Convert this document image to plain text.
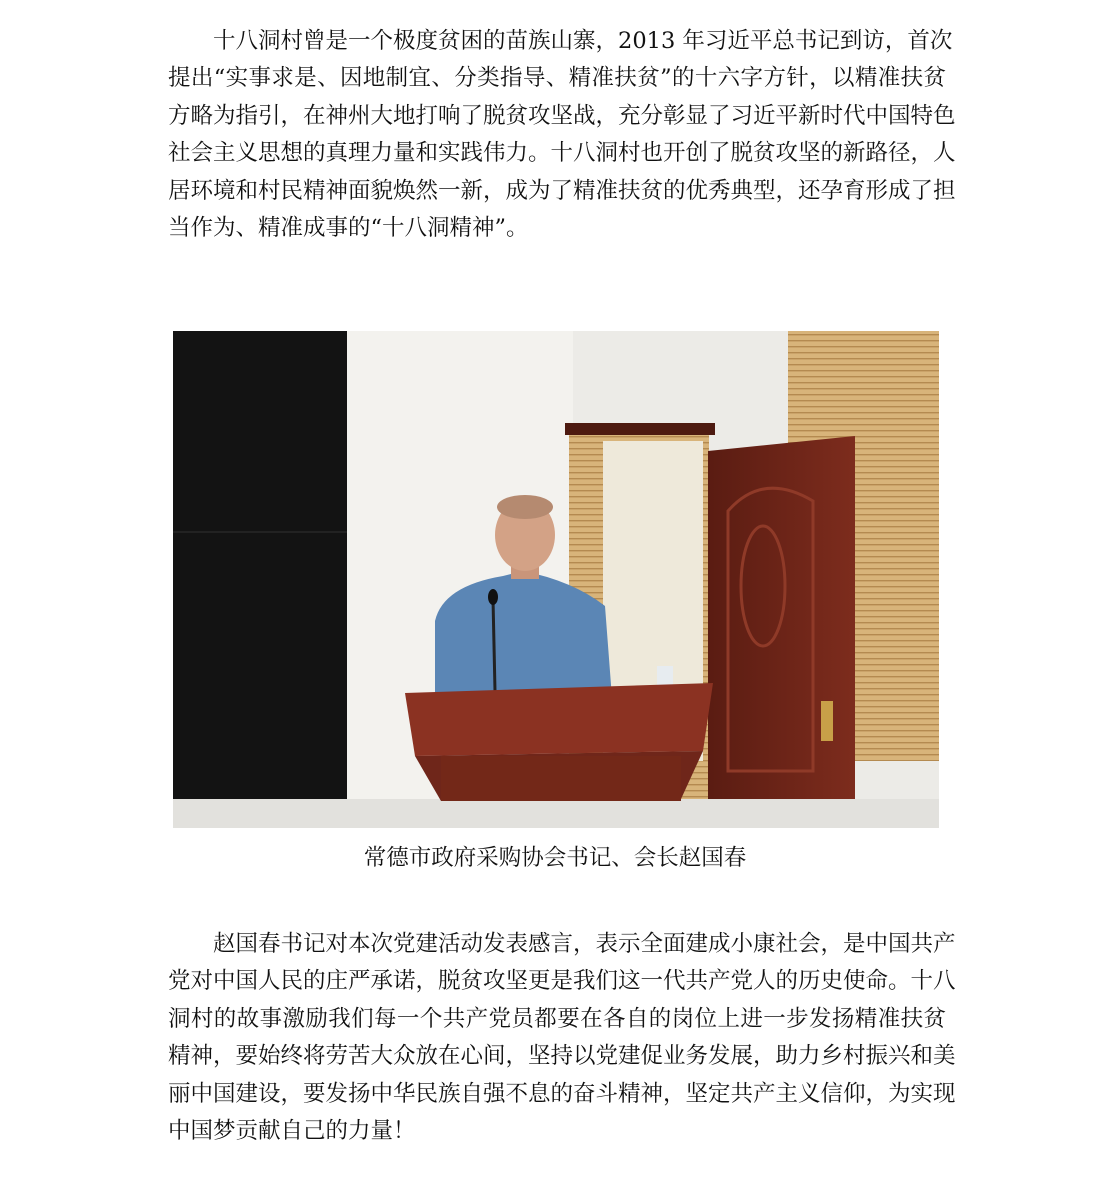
十八洞村曾是一个极度贫困的苗族山寨，2013 年习近平总书记到访，首次
提出“实事求是、因地制宜、分类指导、精准扶贫”的十六字方针，以精准扶贫
方略为指引，在神州大地打响了脱贫攻坚战，充分彰显了习近平新时代中国特色
社会主义思想的真理力量和实践伟力。十八洞村也开创了脱贫攻坚的新路径，人
居环境和村民精神面貌焕然一新，成为了精准扶贫的优秀典型，还孕育形成了担
当作为、精准成事的“十八洞精神”。
常德市政府采购协会书记、会长赵国春
赵国春书记对本次党建活动发表感言，表示全面建成小康社会，是中国共产
党对中国人民的庄严承诺，脱贫攻坚更是我们这一代共产党人的历史使命。十八
洞村的故事激励我们每一个共产党员都要在各自的岗位上进一步发扬精准扶贫
精神，要始终将劳苦大众放在心间，坚持以党建促业务发展，助力乡村振兴和美
丽中国建设，要发扬中华民族自强不息的奋斗精神，坚定共产主义信仰，为实现
中国梦贡献自己的力量！
